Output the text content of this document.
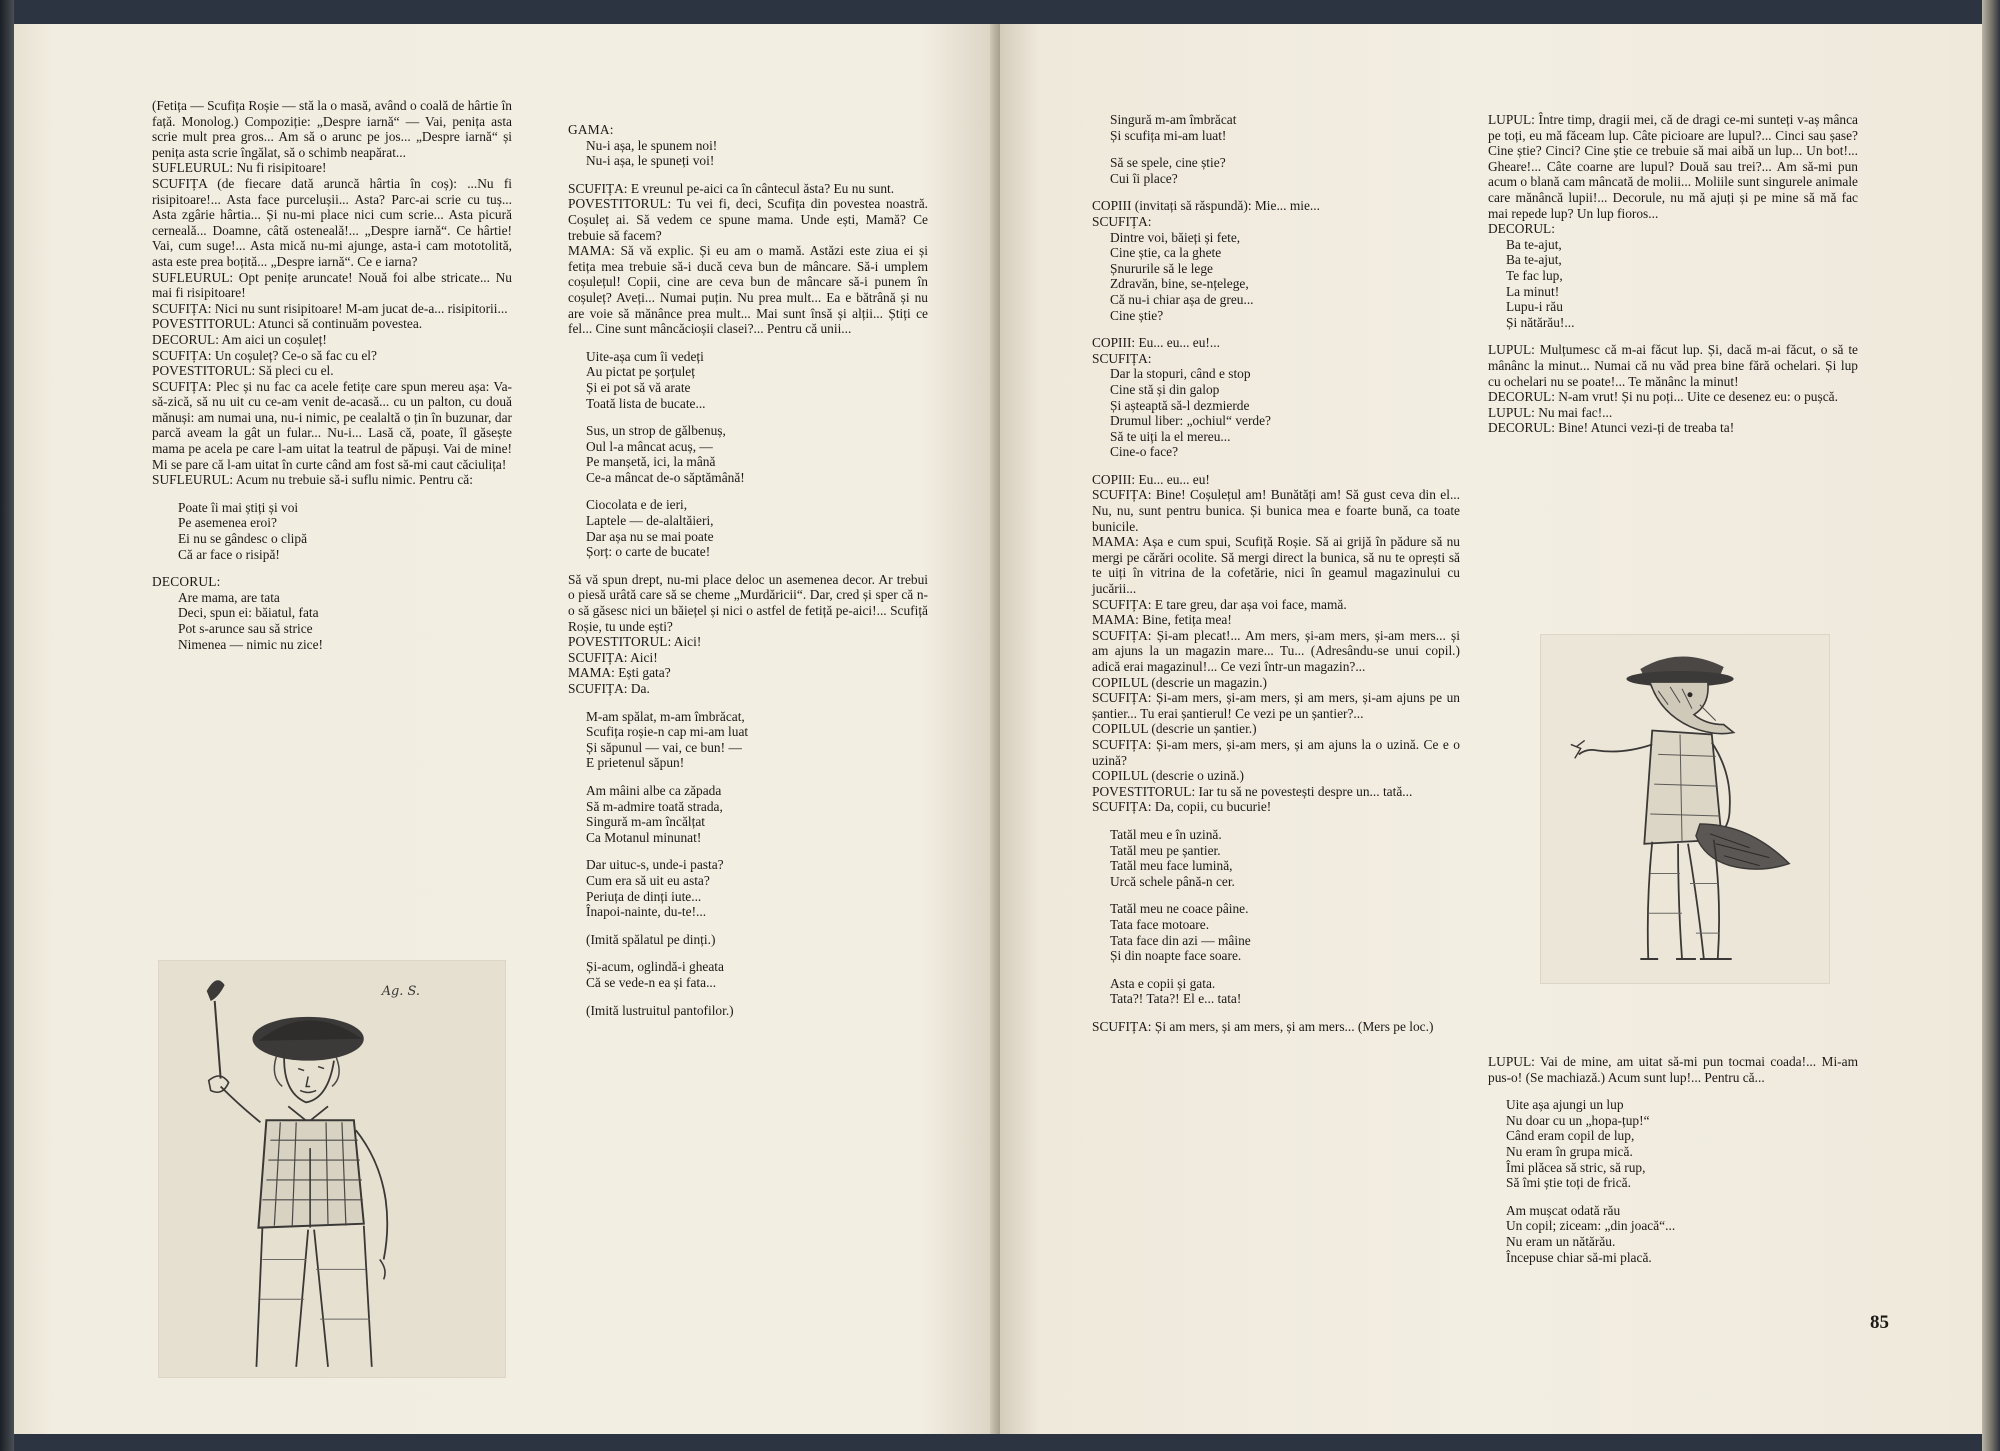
(Fetița — Scufița Roșie — stă la o masă, având o coală de hârtie în față. Monolog.) Compoziție: „Despre iarnă“ — Vai, penița asta scrie mult prea gros... Am să o arunc pe jos... „Despre iarnă“ și penița asta scrie îngălat, să o schimb neapărat...

SUFLEURUL: Nu fi risipitoare!

SCUFIȚA (de fiecare dată aruncă hârtia în coș): ...Nu fi risipitoare!... Asta face purcelușii... Asta? Parc-ai scrie cu tuș... Asta zgârie hârtia... Și nu-mi place nici cum scrie... Asta picură cerneală... Doamne, câtă osteneală!... „Despre iarnă“. Ce hârtie! Vai, cum suge!... Asta mică nu-mi ajunge, asta-i cam mototolită, asta este prea boțită... „Despre iarnă“. Ce e iarna?

SUFLEURUL: Opt penițe aruncate! Nouă foi albe stricate... Nu mai fi risipitoare!

SCUFIȚA: Nici nu sunt risipitoare! M-am jucat de-a... risipitorii...

POVESTITORUL: Atunci să continuăm povestea.

DECORUL: Am aici un coșuleț!

SCUFIȚA: Un coșuleț? Ce-o să fac cu el?

POVESTITORUL: Să pleci cu el.

SCUFIȚA: Plec și nu fac ca acele fetițe care spun mereu așa: Va-să-zică, să nu uit cu ce-am venit de-acasă... cu un palton, cu două mănuși: am numai una, nu-i nimic, pe cealaltă o țin în buzunar, dar parcă aveam la gât un fular... Nu-i... Lasă că, poate, îl găsește mama pe acela pe care l-am uitat la teatrul de păpuși. Vai de mine! Mi se pare că l-am uitat în curte când am fost să-mi caut căciulița!

SUFLEURUL: Acum nu trebuie să-i suflu nimic. Pentru că:

Poate îi mai știți și voi

Pe asemenea eroi?

Ei nu se gândesc o clipă

Că ar face o risipă!

DECORUL:

Are mama, are tata

Deci, spun ei: băiatul, fata

Pot s-arunce sau să strice

Nimenea — nimic nu zice!

Ag. S.

GAMA:

Nu-i așa, le spunem noi!

Nu-i așa, le spuneți voi!

SCUFIȚA: E vreunul pe-aici ca în cântecul ăsta? Eu nu sunt.

POVESTITORUL: Tu vei fi, deci, Scufița din povestea noastră. Coșuleț ai. Să vedem ce spune mama. Unde ești, Mamă? Ce trebuie să facem?

MAMA: Să vă explic. Și eu am o mamă. Astăzi este ziua ei și fetița mea trebuie să-i ducă ceva bun de mâncare. Să-i umplem coșulețul! Copii, cine are ceva bun de mâncare să-i punem în coșuleț? Aveți... Numai puțin. Nu prea mult... Ea e bătrână și nu are voie să mănânce prea mult... Mai sunt însă și alții... Știți ce fel... Cine sunt mâncăcioșii clasei?... Pentru că unii...

Uite-așa cum îi vedeți

Au pictat pe șorțuleț

Și ei pot să vă arate

Toată lista de bucate...

Sus, un strop de gălbenuș,

Oul l-a mâncat acuș, —

Pe manșetă, ici, la mână

Ce-a mâncat de-o săptămână!

Ciocolata e de ieri,

Laptele — de-alaltăieri,

Dar așa nu se mai poate

Șorț: o carte de bucate!

Să vă spun drept, nu-mi place deloc un asemenea decor. Ar trebui o piesă urâtă care să se cheme „Murdăricii“. Dar, cred și sper că n-o să găsesc nici un băiețel și nici o astfel de fetiță pe-aici!... Scufiță Roșie, tu unde ești?

POVESTITORUL: Aici!

SCUFIȚA: Aici!

MAMA: Ești gata?

SCUFIȚA: Da.

M-am spălat, m-am îmbrăcat,

Scufița roșie-n cap mi-am luat

Și săpunul — vai, ce bun! —

E prietenul săpun!

Am mâini albe ca zăpada

Să m-admire toată strada,

Singură m-am încălțat

Ca Motanul minunat!

Dar uituc-s, unde-i pasta?

Cum era să uit eu asta?

Periuța de dinți iute...

Înapoi-nainte, du-te!...

(Imită spălatul pe dinți.)

Și-acum, oglindă-i gheata

Că se vede-n ea și fata...

(Imită lustruitul pantofilor.)

Singură m-am îmbrăcat

Și scufița mi-am luat!

Să se spele, cine știe?

Cui îi place?

COPIII (invitați să răspundă): Mie... mie...

SCUFIȚA:

Dintre voi, băieți și fete,

Cine știe, ca la ghete

Șnururile să le lege

Zdravăn, bine, se-nțelege,

Că nu-i chiar așa de greu...

Cine știe?

COPIII: Eu... eu... eu!...

SCUFIȚA:

Dar la stopuri, când e stop

Cine stă și din galop

Și așteaptă să-l dezmierde

Drumul liber: „ochiul“ verde?

Să te uiți la el mereu...

Cine-o face?

COPIII: Eu... eu... eu!

SCUFIȚA: Bine! Coșulețul am! Bunătăți am! Să gust ceva din el... Nu, nu, sunt pentru bunica. Și bunica mea e foarte bună, ca toate bunicile.

MAMA: Așa e cum spui, Scufiță Roșie. Să ai grijă în pădure să nu mergi pe cărări ocolite. Să mergi direct la bunica, să nu te oprești să te uiți în vitrina de la cofetărie, nici în geamul magazinului cu jucării...

SCUFIȚA: E tare greu, dar așa voi face, mamă.

MAMA: Bine, fetița mea!

SCUFIȚA: Și-am plecat!... Am mers, și-am mers, și-am mers... și am ajuns la un magazin mare... Tu... (Adresându-se unui copil.) adică erai magazinul!... Ce vezi într-un magazin?...

COPILUL (descrie un magazin.)

SCUFIȚA: Și-am mers, și-am mers, și am mers, și-am ajuns pe un șantier... Tu erai șantierul! Ce vezi pe un șantier?...

COPILUL (descrie un șantier.)

SCUFIȚA: Și-am mers, și-am mers, și am ajuns la o uzină. Ce e o uzină?

COPILUL (descrie o uzină.)

POVESTITORUL: Iar tu să ne povestești despre un... tată...

SCUFIȚA: Da, copii, cu bucurie!

Tatăl meu e în uzină.

Tatăl meu pe șantier.

Tatăl meu face lumină,

Urcă schele până-n cer.

Tatăl meu ne coace pâine.

Tata face motoare.

Tata face din azi — mâine

Și din noapte face soare.

Asta e copii și gata.

Tata?! Tata?! El e... tata!

SCUFIȚA: Și am mers, și am mers, și am mers... (Mers pe loc.)

LUPUL: Între timp, dragii mei, că de dragi ce-mi sunteți v-aș mânca pe toți, eu mă făceam lup. Câte picioare are lupul?... Cinci sau șase? Cine știe? Cinci? Cine știe ce trebuie să mai aibă un lup... Un bot!... Gheare!... Câte coarne are lupul? Două sau trei?... Am să-mi pun acum o blană cam mâncată de molii... Moliile sunt singurele animale care mănâncă lupii!... Decorule, nu mă ajuți și pe mine să mă fac mai repede lup? Un lup fioros...

DECORUL:

Ba te-ajut,

Ba te-ajut,

Te fac lup,

La minut!

Lupu-i rău

Și nătărău!...

LUPUL: Mulțumesc că m-ai făcut lup. Și, dacă m-ai făcut, o să te mânânc la minut... Numai că nu văd prea bine fără ochelari. Și lup cu ochelari nu se poate!... Te mănânc la minut!

DECORUL: N-am vrut! Și nu poți... Uite ce desenez eu: o pușcă.

LUPUL: Nu mai fac!...

DECORUL: Bine! Atunci vezi-ți de treaba ta!

LUPUL: Vai de mine, am uitat să-mi pun tocmai coada!... Mi-am pus-o! (Se machiază.) Acum sunt lup!... Pentru că...

Uite așa ajungi un lup

Nu doar cu un „hopa-țup!“

Când eram copil de lup,

Nu eram în grupa mică.

Îmi plăcea să stric, să rup,

Să îmi știe toți de frică.

Am mușcat odată rău

Un copil; ziceam: „din joacă“...

Nu eram un nătărău.

Începuse chiar să-mi placă.

85
